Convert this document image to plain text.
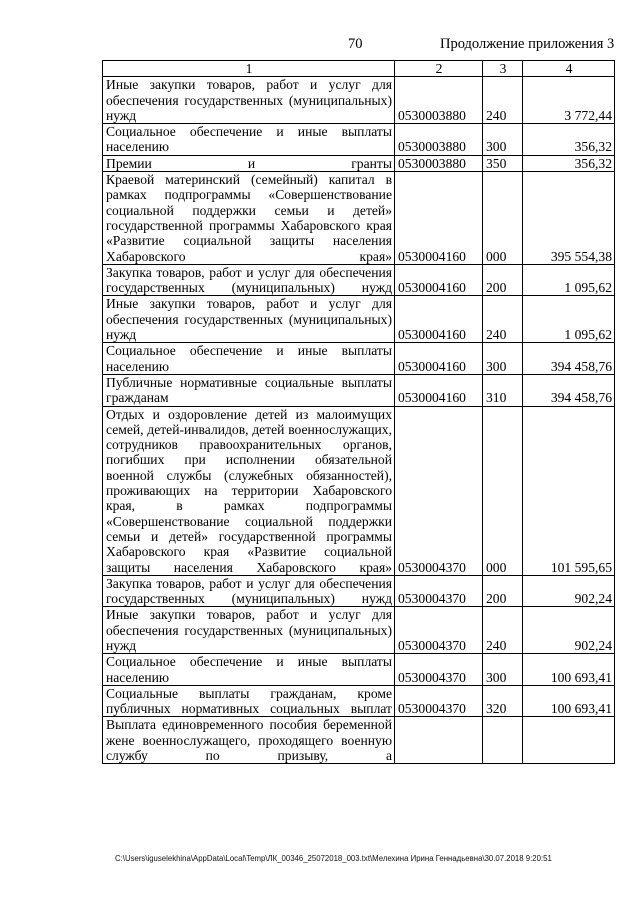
70	Продолжение приложения 3
1	2	3	4
Иные закупки товаров, работ и услуг для обеспечения государственных (муниципальных) нужд	0530003880	240	3 772,44
Социальное обеспечение и иные выплаты населению	0530003880	300	356,32
Премии и гранты	0530003880	350	356,32
Краевой материнский (семейный) капитал в рамках подпрограммы «Совершенствование социальной поддержки семьи и детей» государственной программы Хабаровского края «Развитие социальной защиты населения Хабаровского края»	0530004160	000	395 554,38
Закупка товаров, работ и услуг для обеспечения государственных (муниципальных) нужд	0530004160	200	1 095,62
Иные закупки товаров, работ и услуг для обеспечения государственных (муниципальных) нужд	0530004160	240	1 095,62
Социальное обеспечение и иные выплаты населению	0530004160	300	394 458,76
Публичные нормативные социальные выплаты гражданам	0530004160	310	394 458,76
Отдых и оздоровление детей из малоимущих семей, детей-инвалидов, детей военнослужащих, сотрудников правоохранительных органов, погибших при исполнении обязательной военной службы (служебных обязанностей), проживающих на территории Хабаровского края, в рамках подпрограммы «Совершенствование социальной поддержки семьи и детей» государственной программы Хабаровского края «Развитие социальной защиты населения Хабаровского края»	0530004370	000	101 595,65
Закупка товаров, работ и услуг для обеспечения государственных (муниципальных) нужд	0530004370	200	902,24
Иные закупки товаров, работ и услуг для обеспечения государственных (муниципальных) нужд	0530004370	240	902,24
Социальное обеспечение и иные выплаты населению	0530004370	300	100 693,41
Социальные выплаты гражданам, кроме публичных нормативных социальных выплат	0530004370	320	100 693,41
Выплата единовременного пособия беременной жене военнослужащего, проходящего военную службу по призыву, а			
C:\Users\iguselekhina\AppData\Local\Temp\ЛК_00346_25072018_003.txt\Мелехина Ирина Геннадьевна\30.07.2018 9:20:51
